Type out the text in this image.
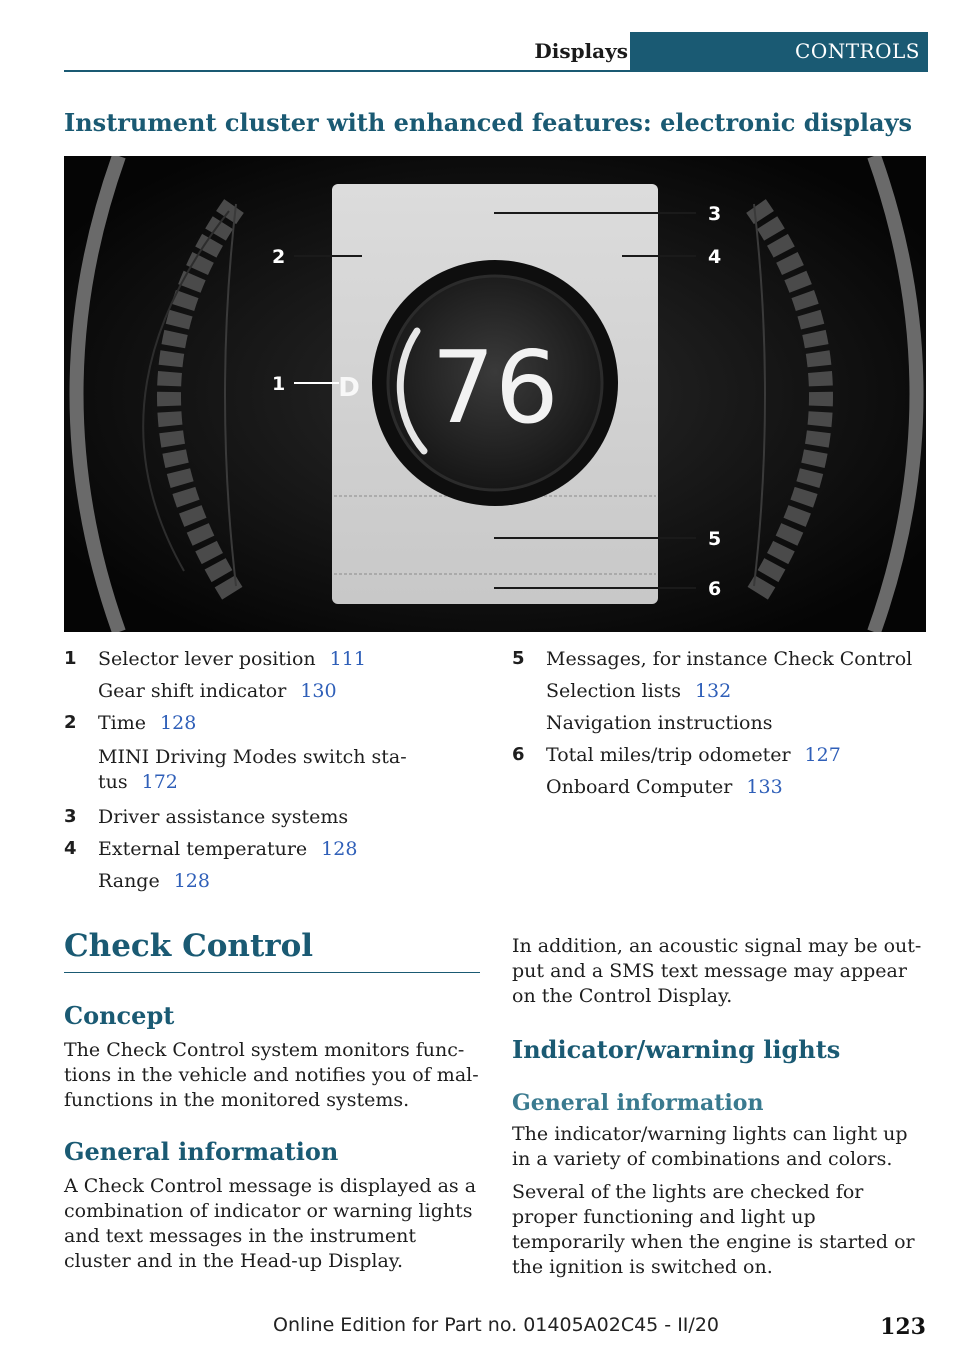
Displays	CONTROLS
Instrument cluster with enhanced features: electronic displays
76
D
1
2
3
4
5
6
1 Selector lever position 111
Gear shift indicator 130
2 Time 128
MINI Driving Modes switch sta-
tus 172
3 Driver assistance systems
4 External temperature 128
Range 128
5 Messages, for instance Check Control
Selection lists 132
Navigation instructions
6 Total miles/trip odometer 127
Onboard Computer 133
Check Control
Concept

The Check Control system monitors func-tions in the vehicle and notifies you of mal-functions in the monitored systems.

General information

A Check Control message is displayed as a combination of indicator or warning lights and text messages in the instrument cluster and in the Head-up Display.

In addition, an acoustic signal may be out-put and a SMS text message may appear on the Control Display.

Indicator/warning lights
General information

The indicator/warning lights can light up in a variety of combinations and colors.

Several of the lights are checked for proper functioning and light up temporarily when the engine is started or the ignition is switched on.

Online Edition for Part no. 01405A02C45 - II/20	123
